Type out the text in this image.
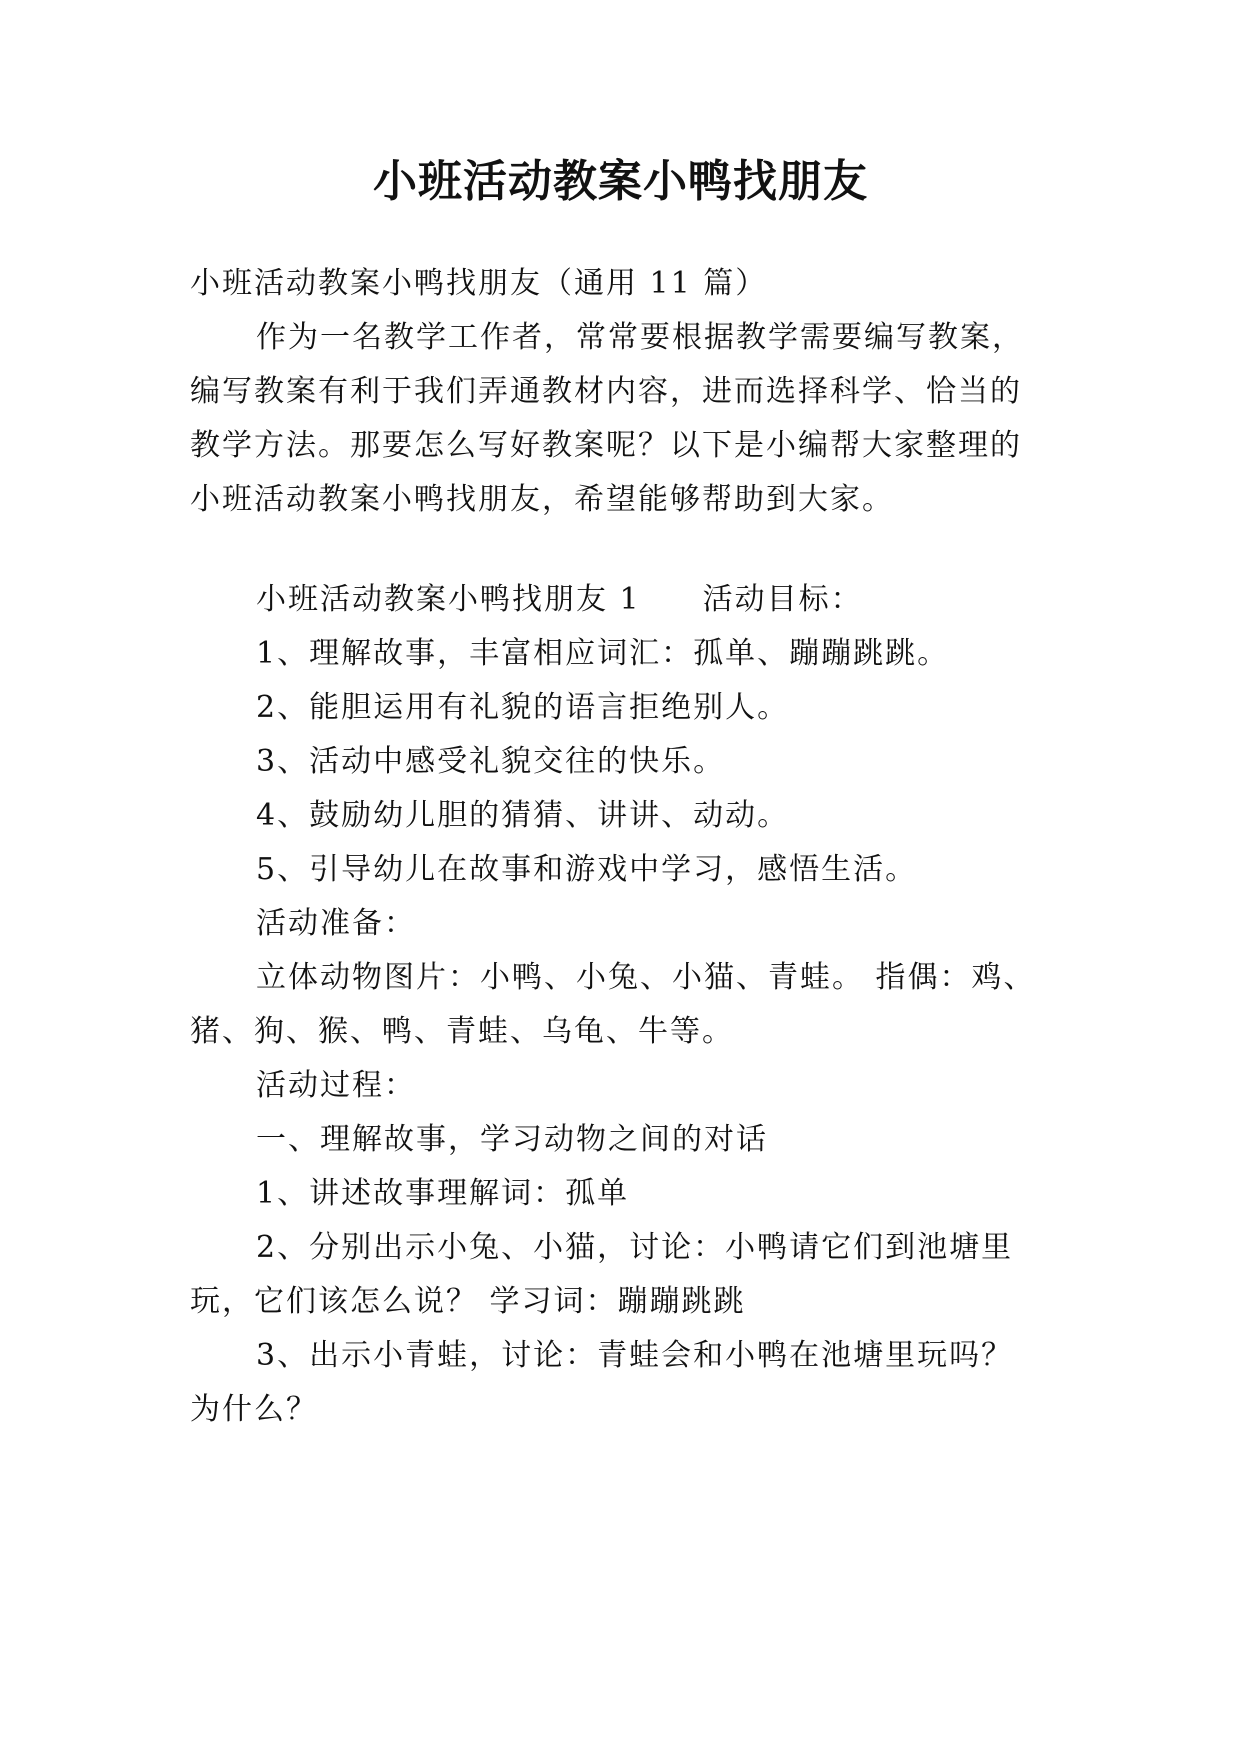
小班活动教案小鸭找朋友
小班活动教案小鸭找朋友（通用 11 篇）
作为一名教学工作者，常常要根据教学需要编写教案，
编写教案有利于我们弄通教材内容，进而选择科学、恰当的
教学方法。那要怎么写好教案呢？以下是小编帮大家整理的
小班活动教案小鸭找朋友，希望能够帮助到大家。
小班活动教案小鸭找朋友 1 活动目标：
1、理解故事，丰富相应词汇：孤单、蹦蹦跳跳。
2、能胆运用有礼貌的语言拒绝别人。
3、活动中感受礼貌交往的快乐。
4、鼓励幼儿胆的猜猜、讲讲、动动。
5、引导幼儿在故事和游戏中学习，感悟生活。
活动准备：
立体动物图片：小鸭、小兔、小猫、青蛙。 指偶：鸡、
猪、狗、猴、鸭、青蛙、乌龟、牛等。
活动过程：
一、理解故事，学习动物之间的对话
1、讲述故事理解词：孤单
2、分别出示小兔、小猫，讨论：小鸭请它们到池塘里
玩，它们该怎么说？ 学习词：蹦蹦跳跳
3、出示小青蛙，讨论：青蛙会和小鸭在池塘里玩吗？
为什么？
